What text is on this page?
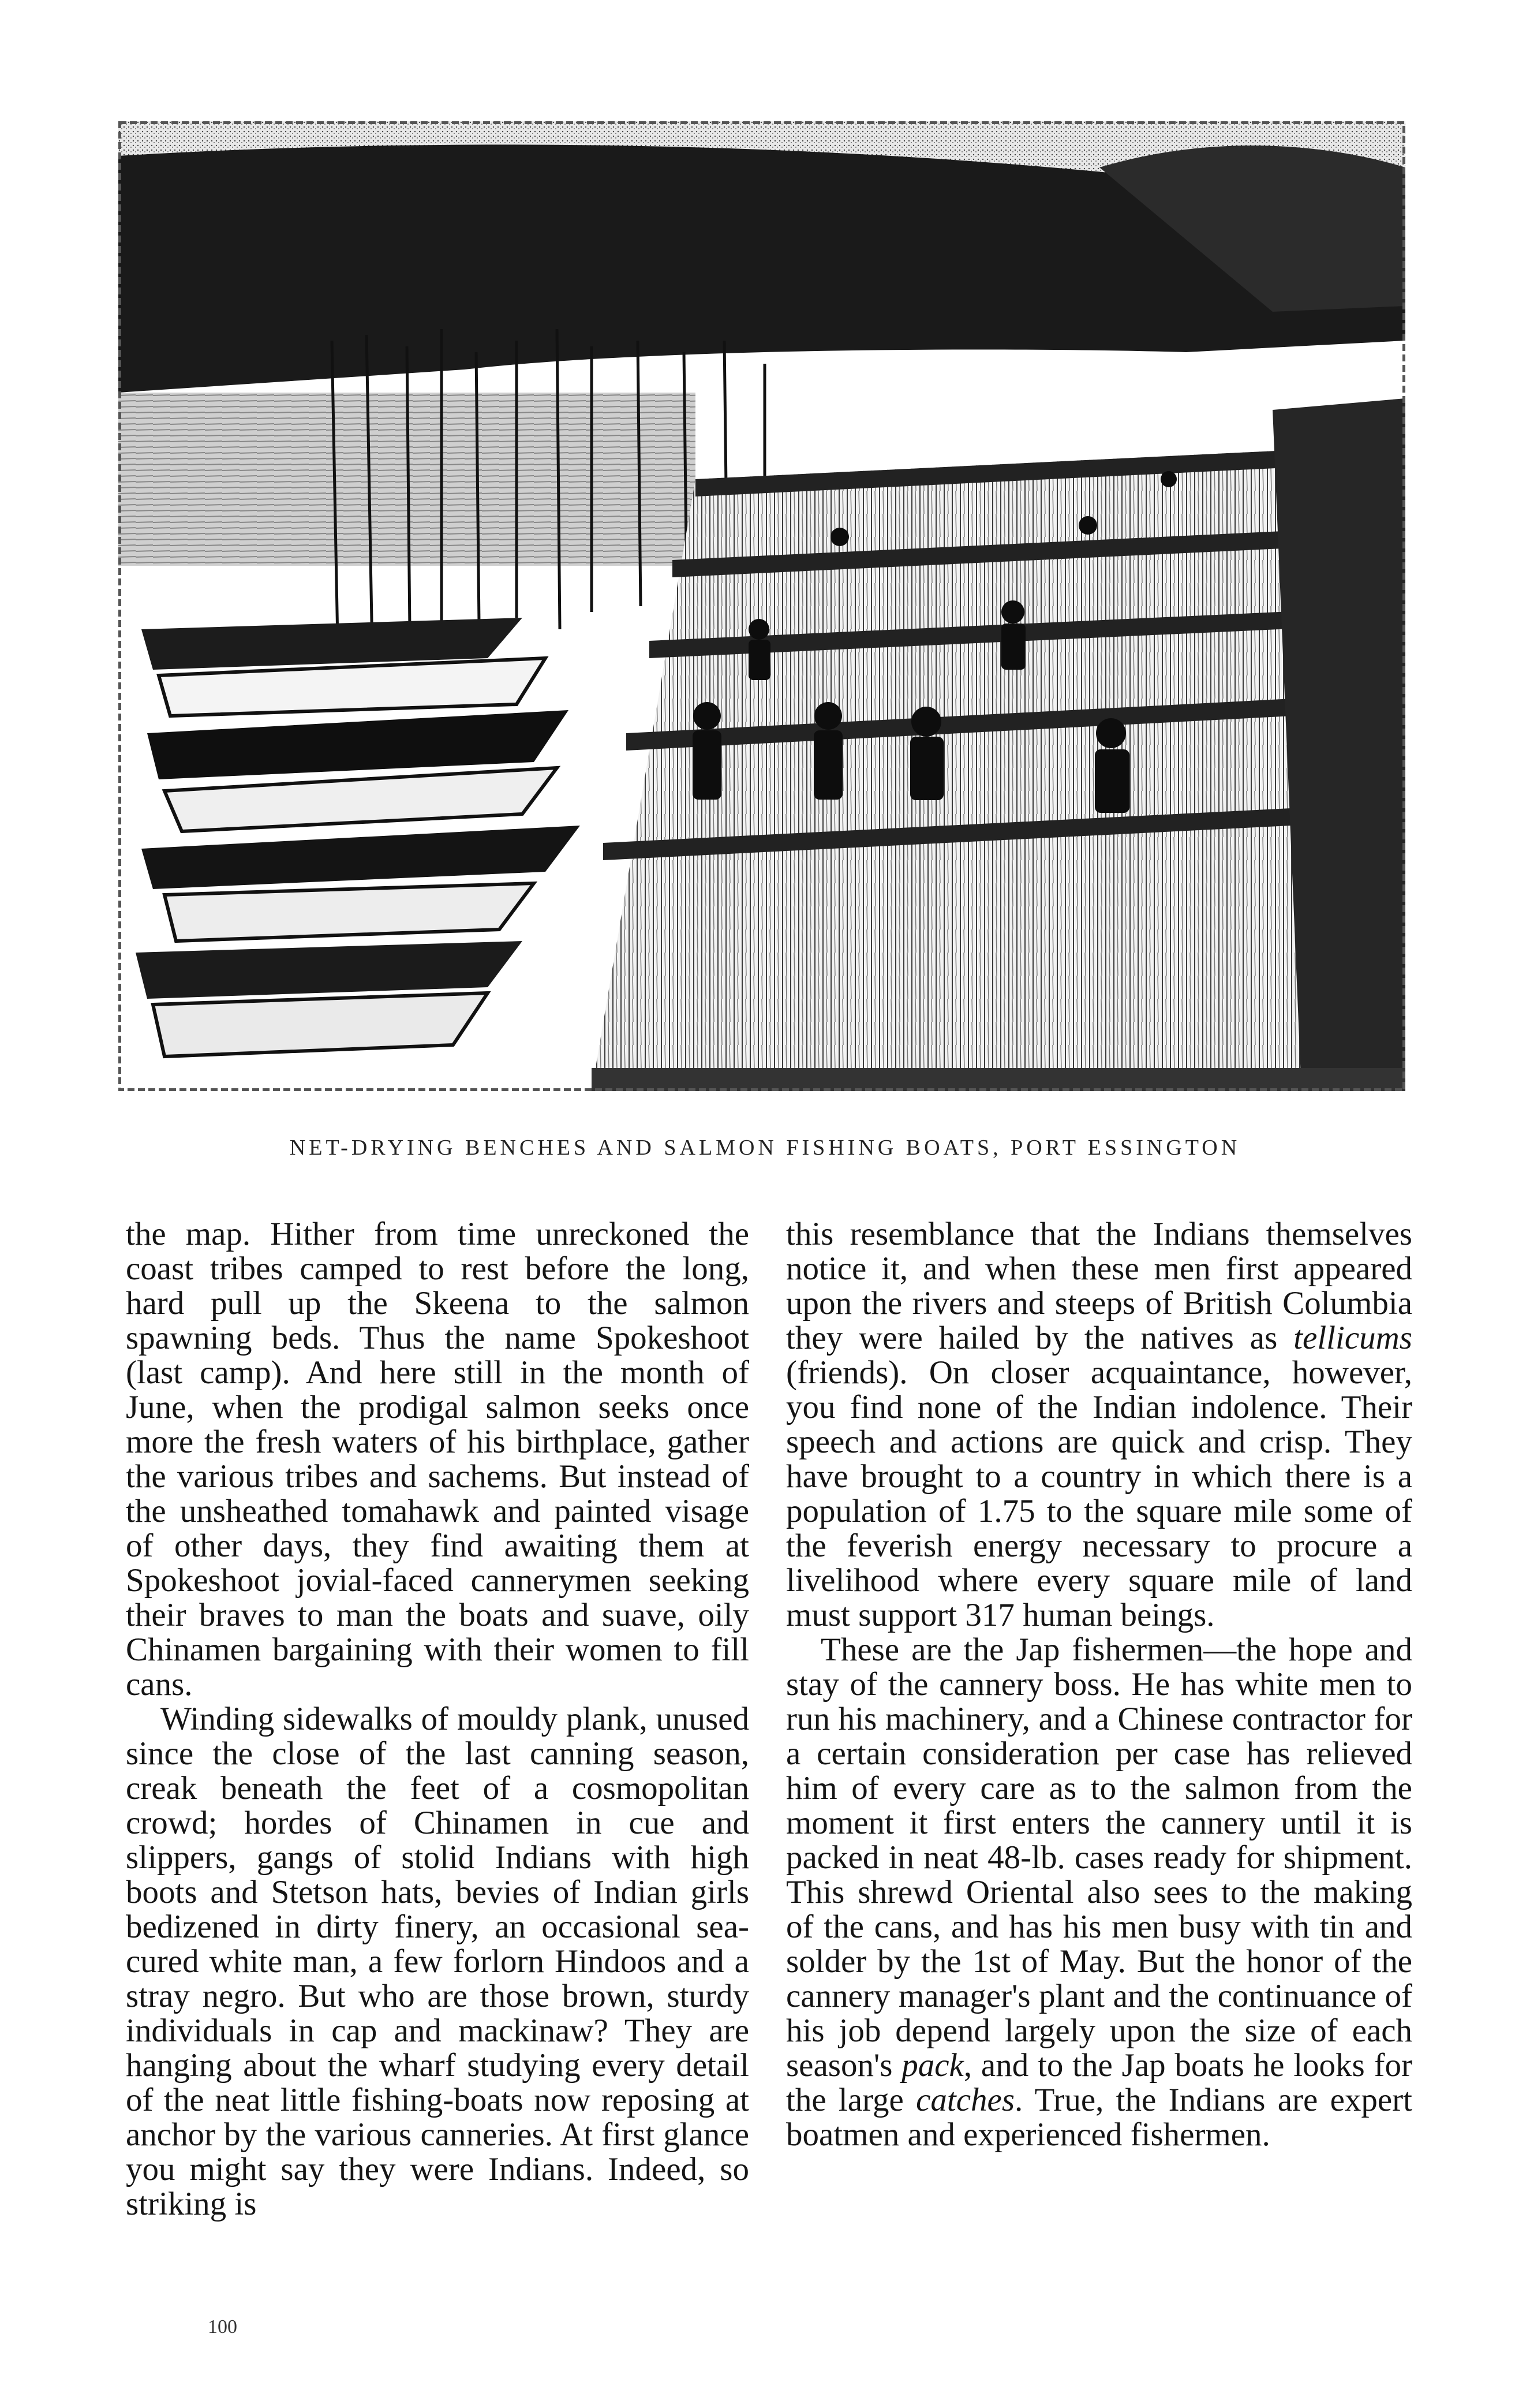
NET-DRYING BENCHES AND SALMON FISHING BOATS, PORT ESSINGTON

the map. Hither from time unreckoned the coast tribes camped to rest before the long, hard pull up the Skeena to the salmon spawning beds. Thus the name Spokeshoot (last camp). And here still in the month of June, when the prodigal salmon seeks once more the fresh waters of his birthplace, gather the various tribes and sachems. But instead of the unsheathed tomahawk and painted visage of other days, they find awaiting them at Spokeshoot jovial-faced cannerymen seeking their braves to man the boats and suave, oily Chinamen bargaining with their women to fill cans.

Winding sidewalks of mouldy plank, unused since the close of the last canning season, creak beneath the feet of a cosmopolitan crowd; hordes of Chinamen in cue and slippers, gangs of stolid Indians with high boots and Stetson hats, bevies of Indian girls bedizened in dirty finery, an occasional sea-cured white man, a few forlorn Hindoos and a stray negro. But who are those brown, sturdy individuals in cap and mackinaw? They are hanging about the wharf studying every detail of the neat little fishing-boats now reposing at anchor by the various canneries. At first glance you might say they were Indians. Indeed, so striking is

this resemblance that the Indians themselves notice it, and when these men first appeared upon the rivers and steeps of British Columbia they were hailed by the natives as tellicums (friends). On closer acquaintance, however, you find none of the Indian indolence. Their speech and actions are quick and crisp. They have brought to a country in which there is a population of 1.75 to the square mile some of the feverish energy necessary to procure a livelihood where every square mile of land must support 317 human beings.

These are the Jap fishermen—the hope and stay of the cannery boss. He has white men to run his machinery, and a Chinese contractor for a certain consideration per case has relieved him of every care as to the salmon from the moment it first enters the cannery until it is packed in neat 48-lb. cases ready for shipment. This shrewd Oriental also sees to the making of the cans, and has his men busy with tin and solder by the 1st of May. But the honor of the cannery manager's plant and the continuance of his job depend largely upon the size of each season's pack, and to the Jap boats he looks for the large catches. True, the Indians are expert boatmen and experienced fishermen.

100
